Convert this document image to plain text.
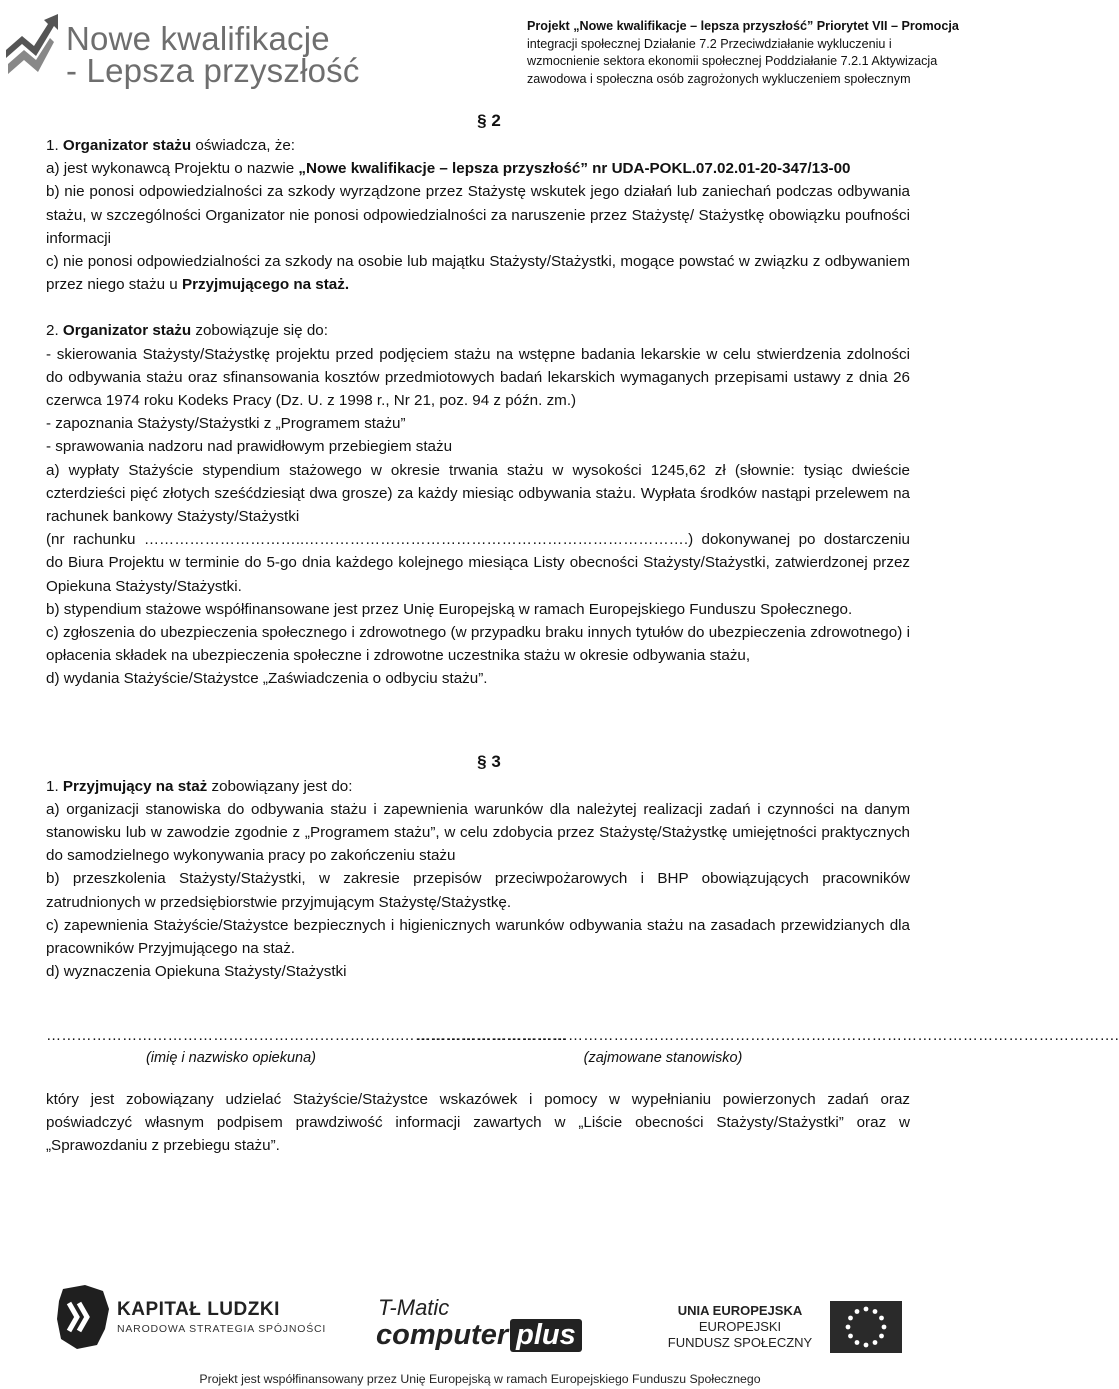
Nowe kwalifikacje
- Lepsza przyszłość
Projekt „Nowe kwalifikacje – lepsza przyszłość” Priorytet VII – Promocja
integracji społecznej Działanie 7.2 Przeciwdziałanie wykluczeniu i
wzmocnienie sektora ekonomii społecznej Poddziałanie 7.2.1 Aktywizacja
zawodowa i społeczna osób zagrożonych wykluczeniem społecznym
§ 2

1. Organizator stażu oświadcza, że:

a) jest wykonawcą Projektu o nazwie „Nowe kwalifikacje – lepsza przyszłość” nr UDA-POKL.07.02.01-20-347/13-00

b) nie ponosi odpowiedzialności za szkody wyrządzone przez Stażystę wskutek jego działań lub zaniechań podczas odbywania stażu, w szczególności Organizator nie ponosi odpowiedzialności za naruszenie przez Stażystę/ Stażystkę obowiązku poufności informacji

c) nie ponosi odpowiedzialności za szkody na osobie lub majątku Stażysty/Stażystki, mogące powstać w związku z odbywaniem przez niego stażu u Przyjmującego na staż.

2. Organizator stażu zobowiązuje się do:

- skierowania Stażysty/Stażystkę projektu przed podjęciem stażu na wstępne badania lekarskie w celu stwierdzenia zdolności do odbywania stażu oraz sfinansowania kosztów przedmiotowych badań lekarskich wymaganych przepisami ustawy z dnia 26 czerwca 1974 roku Kodeks Pracy (Dz. U. z 1998 r., Nr 21, poz. 94 z późn. zm.)

- zapoznania Stażysty/Stażystki z „Programem stażu”

- sprawowania nadzoru nad prawidłowym przebiegiem stażu

a) wypłaty Stażyście stypendium stażowego w okresie trwania stażu w wysokości 1245,62 zł (słownie: tysiąc dwieście czterdzieści pięć złotych sześćdziesiąt dwa grosze) za każdy miesiąc odbywania stażu. Wypłata środków nastąpi przelewem na rachunek bankowy Stażysty/Stażystki

(nr rachunku …………………………..………………………………………………………………….) dokonywanej po dostarczeniu do Biura Projektu w terminie do 5-go dnia każdego kolejnego miesiąca Listy obecności Stażysty/Stażystki, zatwierdzonej przez Opiekuna Stażysty/Stażystki.

b) stypendium stażowe współfinansowane jest przez Unię Europejską w ramach Europejskiego Funduszu Społecznego.

c) zgłoszenia do ubezpieczenia społecznego i zdrowotnego (w przypadku braku innych tytułów do ubezpieczenia zdrowotnego) i opłacenia składek na ubezpieczenia społeczne i zdrowotne uczestnika stażu w okresie odbywania stażu,

d) wydania Stażyście/Stażystce „Zaświadczenia o odbyciu stażu”.

§ 3

1. Przyjmujący na staż zobowiązany jest do:

a) organizacji stanowiska do odbywania stażu i zapewnienia warunków dla należytej realizacji zadań i czynności na danym stanowisku lub w zawodzie zgodnie z „Programem stażu”, w celu zdobycia przez Stażystę/Stażystkę umiejętności praktycznych do samodzielnego wykonywania pracy po zakończeniu stażu

b) przeszkolenia Stażysty/Stażystki, w zakresie przepisów przeciwpożarowych i BHP obowiązujących pracowników zatrudnionych w przedsiębiorstwie przyjmującym Stażystę/Stażystkę.

c) zapewnienia Stażyście/Stażystce bezpiecznych i higienicznych warunków odbywania stażu na zasadach przewidzianych dla pracowników Przyjmującego na staż.

d) wyznaczenia Opiekuna Stażysty/Stażystki

…………………………………………………………….……………………………
(imię i nazwisko opiekuna)
………………………………………………………………………………………………………………………….
(zajmowane stanowisko)

który jest zobowiązany udzielać Stażyście/Stażystce wskazówek i pomocy w wypełnianiu powierzonych zadań oraz poświadczyć własnym podpisem prawdziwość informacji zawartych w „Liście obecności Stażysty/Stażystki” oraz w „Sprawozdaniu z przebiegu stażu”.

KAPITAŁ LUDZKI
NARODOWA STRATEGIA SPÓJNOŚCI
T-Matic
computer plus
UNIA EUROPEJSKA
EUROPEJSKI
FUNDUSZ SPOŁECZNY
Projekt jest współfinansowany przez Unię Europejską w ramach Europejskiego Funduszu Społecznego
